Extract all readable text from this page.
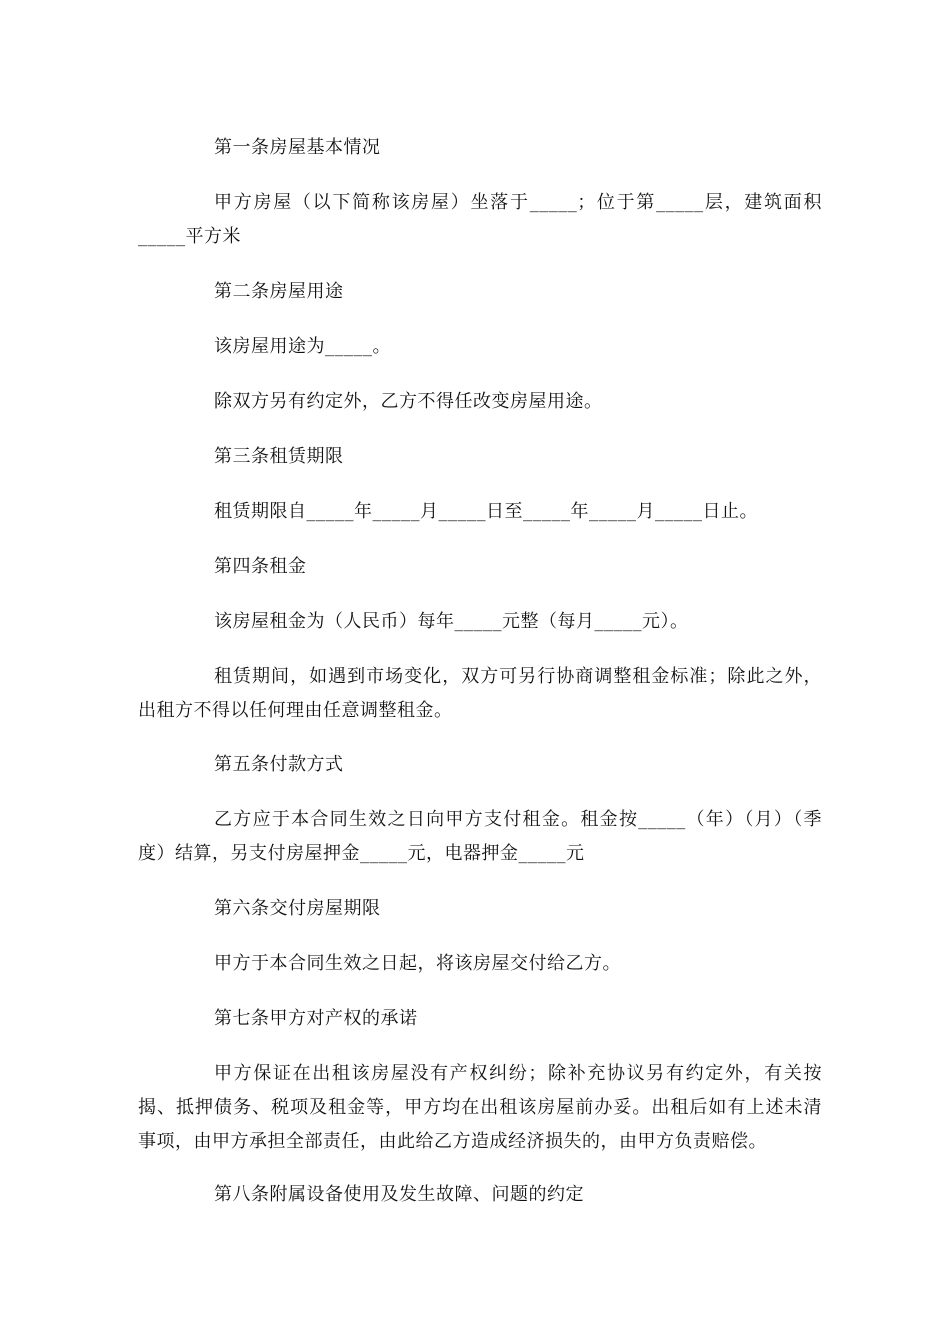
第一条房屋基本情况

甲方房屋（以下简称该房屋）坐落于_____；位于第_____层，建筑面积_____平方米

第二条房屋用途

该房屋用途为_____。

除双方另有约定外，乙方不得任改变房屋用途。

第三条租赁期限

租赁期限自_____年_____月_____日至_____年_____月_____日止。

第四条租金

该房屋租金为（人民币）每年_____元整（每月_____元）。

租赁期间，如遇到市场变化，双方可另行协商调整租金标准；除此之外，出租方不得以任何理由任意调整租金。

第五条付款方式

乙方应于本合同生效之日向甲方支付租金。租金按_____（年）（月）（季度）结算，另支付房屋押金_____元，电器押金_____元

第六条交付房屋期限

甲方于本合同生效之日起，将该房屋交付给乙方。

第七条甲方对产权的承诺

甲方保证在出租该房屋没有产权纠纷；除补充协议另有约定外，有关按揭、抵押债务、税项及租金等，甲方均在出租该房屋前办妥。出租后如有上述未清事项，由甲方承担全部责任，由此给乙方造成经济损失的，由甲方负责赔偿。

第八条附属设备使用及发生故障、问题的约定
